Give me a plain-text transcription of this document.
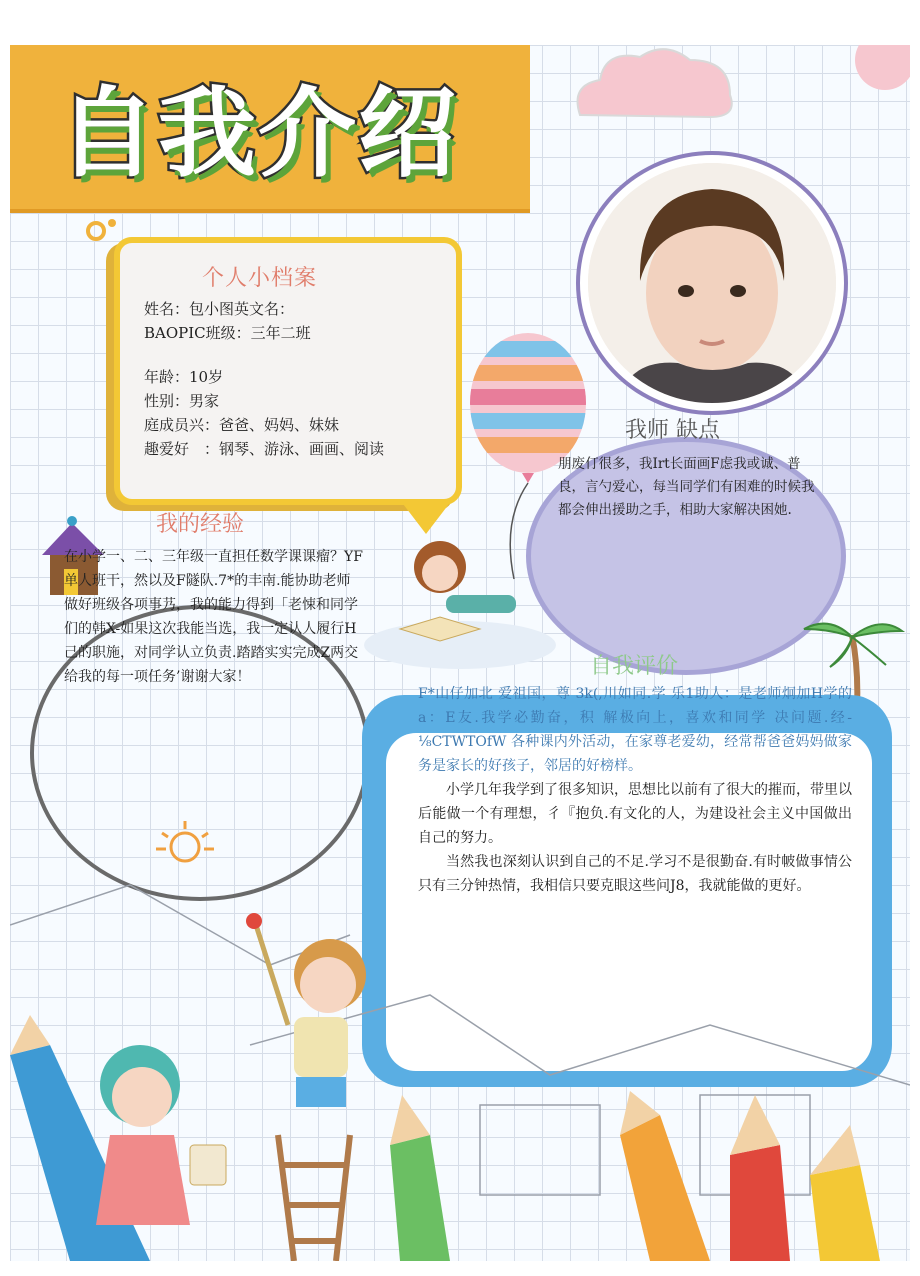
自我介绍
个人小档案
姓名：包小图英文名：
BAOPIC班级：三年二班
年龄：10岁
性别：男家
庭成员兴：爸爸、妈妈、妹妹
趣爱好　：钢琴、游泳、画画、阅读
我师 缺点
朋废仃很多，我Irt长面画F虑我或诚、普良，言勺爱心，每当同学们有困难的时候我都会伸出援助之手，相助大家解决困她.
我的经验
在小学一、二、三年级一直担任数学课课瘤？YF单人班干，然以及F隧队.7*的丰南.能协助老师做好班级各项事艿，我的能力得到「老悚和同学们的韩X-如果这次我能当选，我一定认人履行H己的职施，对同学认立负责.踏踏实实完成Z两交给我的每一项任务’谢谢大家！	自我评价

F*山仔加北 爱祖国，尊 3k(,川如同.学 乐1助人：是老师炯加H学的a：E友.我学必勤奋，积 解极向上，喜欢和同学 决问题.经-⅛CTWTOfW 各种课内外活动，在家尊老爱幼，经常帮爸爸妈妈做家务是家长的好孩子，邻居的好榜样。

小学几年我学到了很多知识，思想比以前有了很大的摧而，带里以后能做一个有理想，彳『抱负.有文化的人，为建设社会主义中国做出自己的努力。

当然我也深刻认识到自己的不足.学习不是很勤奋.有时帔做事情公只有三分钟热情，我相信只要克眼这些问J8，我就能做的更好。
